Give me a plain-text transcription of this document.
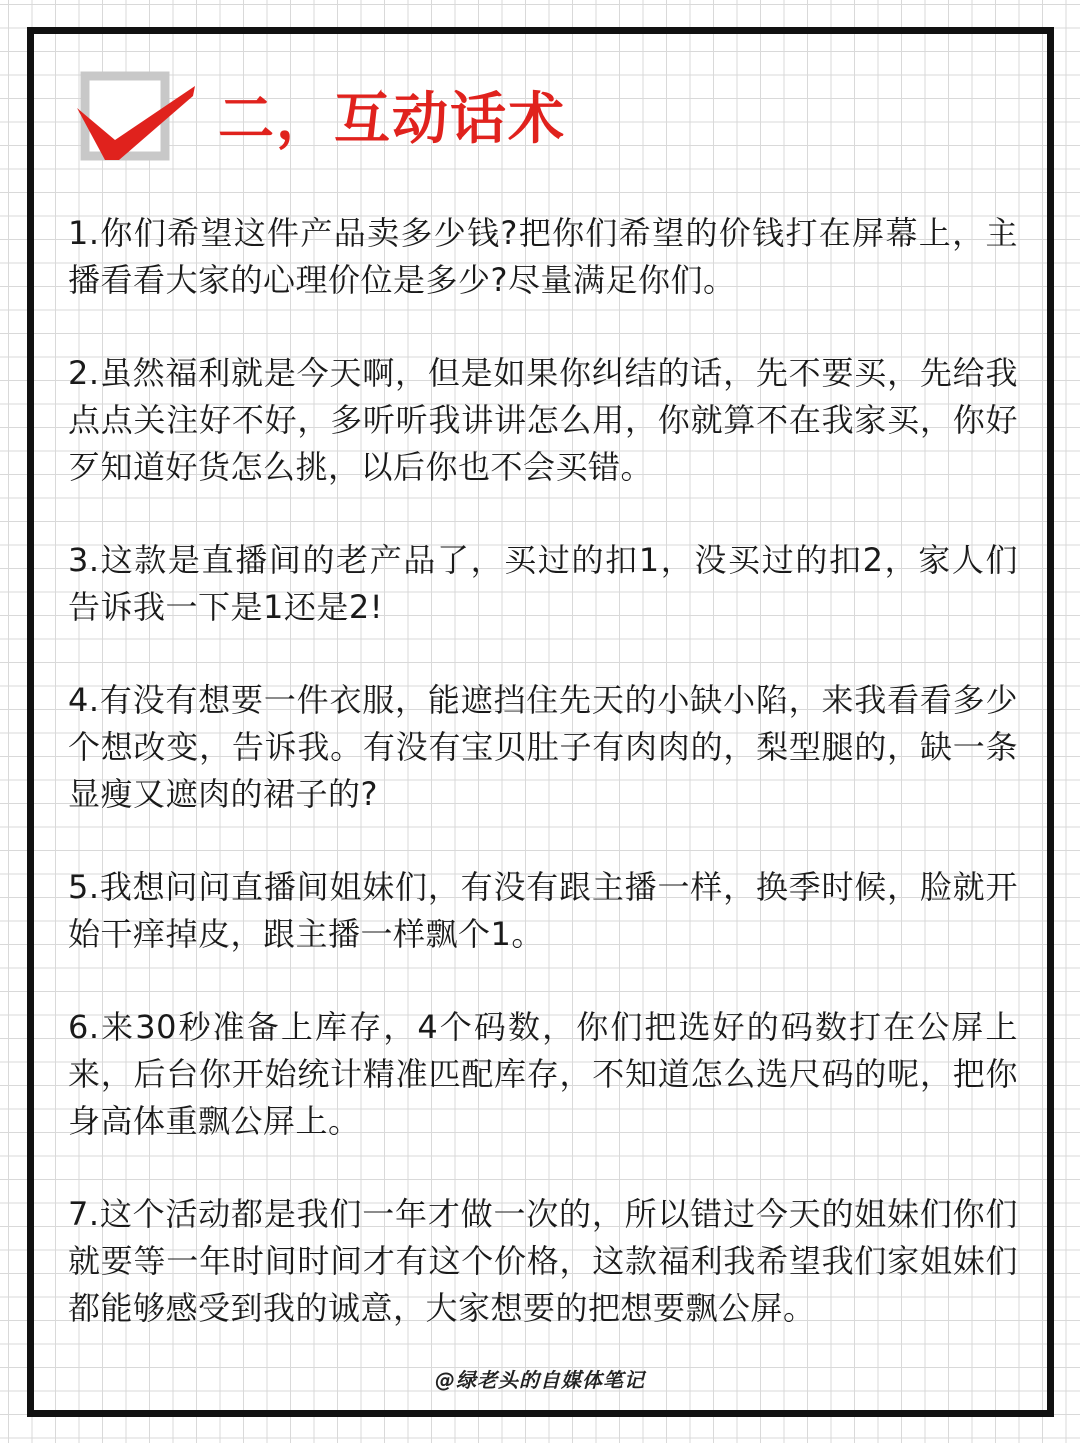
二，互动话术

1.你们希望这件产品卖多少钱?把你们希望的价钱打在屏幕上，主播看看大家的心理价位是多少?尽量满足你们。

2.虽然福利就是今天啊，但是如果你纠结的话，先不要买，先给我点点关注好不好，多听听我讲讲怎么用，你就算不在我家买，你好歹知道好货怎么挑，以后你也不会买错。

3.这款是直播间的老产品了，买过的扣1，没买过的扣2，家人们告诉我一下是1还是2!

4.有没有想要一件衣服，能遮挡住先天的小缺小陷，来我看看多少个想改变，告诉我。有没有宝贝肚子有肉肉的，梨型腿的，缺一条显瘦又遮肉的裙子的?

5.我想问问直播间姐妹们，有没有跟主播一样，换季时候，脸就开始干痒掉皮，跟主播一样飘个1。

6.来30秒准备上库存，4个码数，你们把选好的码数打在公屏上来，后台你开始统计精准匹配库存，不知道怎么选尺码的呢，把你身高体重飘公屏上。

7.这个活动都是我们一年才做一次的，所以错过今天的姐妹们你们就要等一年时间时间才有这个价格，这款福利我希望我们家姐妹们都能够感受到我的诚意，大家想要的把想要飘公屏。

@绿老头的自媒体笔记
